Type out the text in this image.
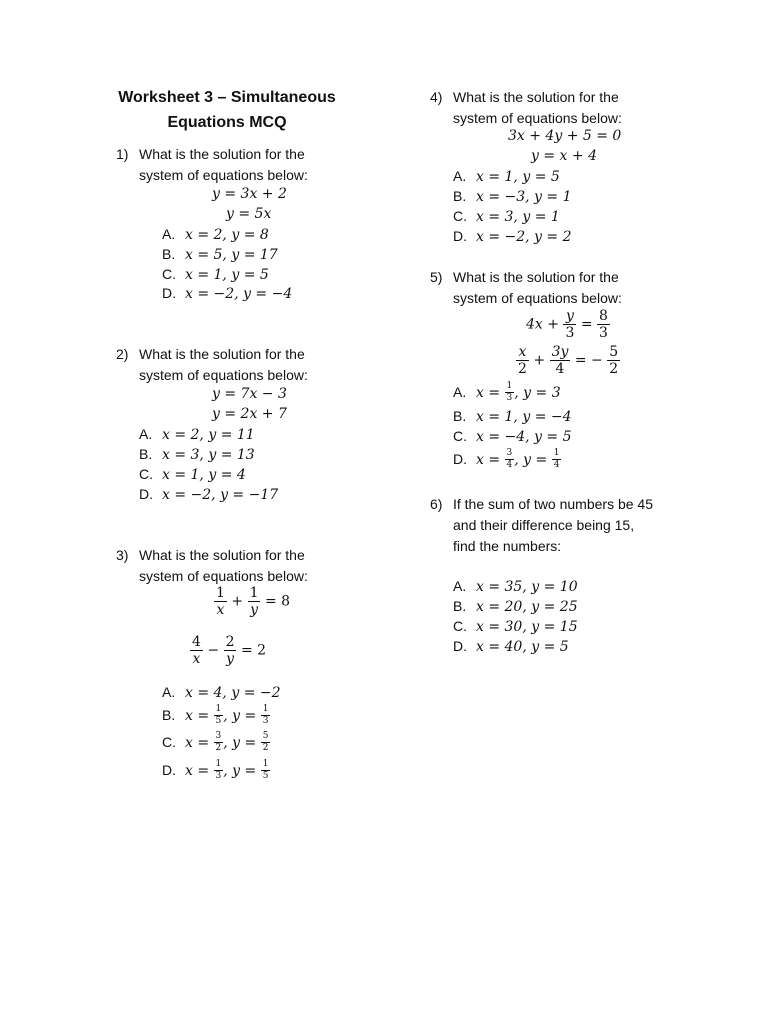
Worksheet 3 – Simultaneous
Equations MCQ
1) What is the solution for the
system of equations below:
y = 3x + 2
y = 5x
A. x = 2, y = 8
B. x = 5, y = 17
C. x = 1, y = 5
D. x = −2, y = −4
2) What is the solution for the
system of equations below:
y = 7x − 3
y = 2x + 7
A. x = 2, y = 11
B. x = 3, y = 13
C. x = 1, y = 4
D. x = −2, y = −17
3) What is the solution for the
system of equations below:
$\frac{1}{x} + \frac{1}{y} = 8$
$\frac{4}{x} - \frac{2}{y} = 2$
A. x = 4, y = −2
B. $x = \frac{1}{5}$ , $y = \frac{1}{3}$
C. $x = \frac{3}{2}$ , $y = \frac{5}{2}$
D. $x = \frac{1}{3}$ , $y = \frac{1}{5}$
4) What is the solution for the
system of equations below:
3x + 4y + 5 = 0
y = x + 4
A. x = 1, y = 5
B. x = −3, y = 1
C. x = 3, y = 1
D. x = −2, y = 2
5) What is the solution for the
system of equations below:
$4x + \frac{y}{3} = \frac{8}{3}$
$\frac{x}{2} + \frac{3y}{4}$ = − $\frac{5}{2}$
A. $x = \frac{1}{3}$ , y = 3
B. x = 1, y = −4
C. x = −4, y = 5
D. $x = \frac{3}{4}$ , $y = \frac{1}{4}$
6) If the sum of two numbers be 45
and their difference being 15,
find the numbers:
A. x = 35, y = 10
B. x = 20, y = 25
C. x = 30, y = 15
D. x = 40, y = 5
